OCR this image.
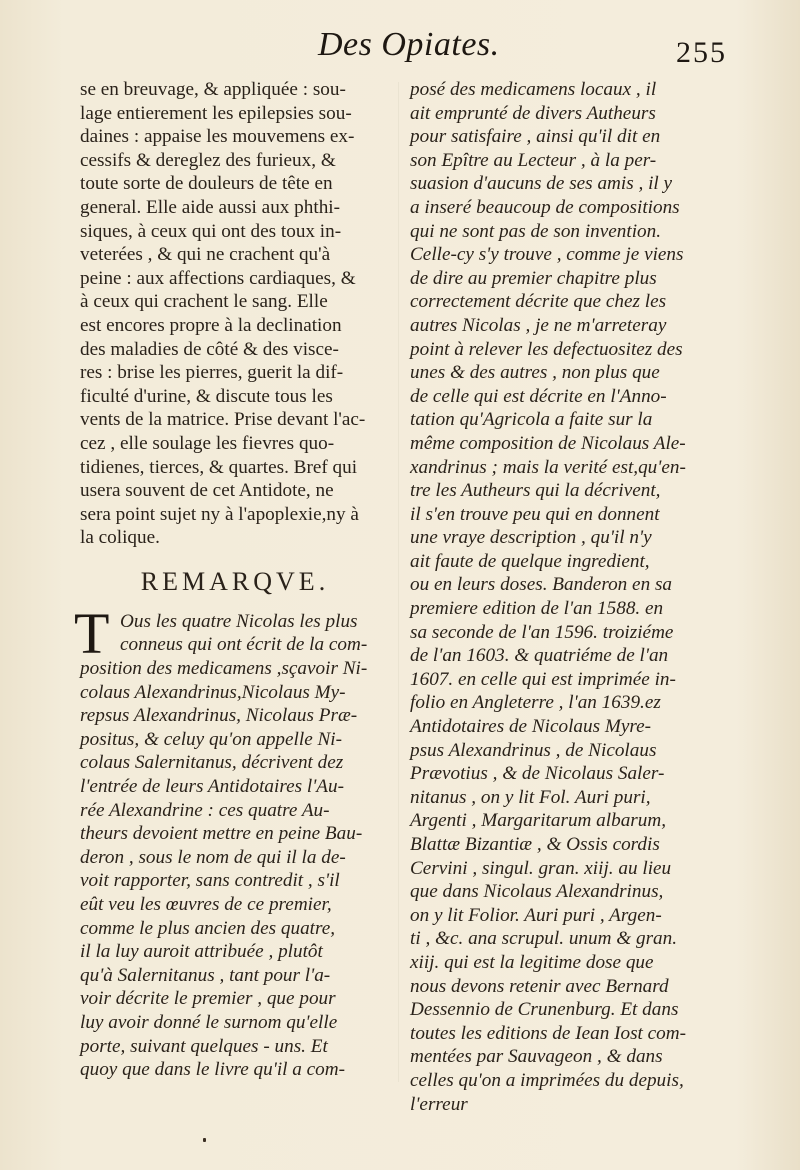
Des Opiates.	255
se en breuvage, & appliquée : sou-
lage entierement les epilepsies sou-
daines : appaise les mouvemens ex-
cessifs & dereglez des furieux, &
toute sorte de douleurs de tête en
general. Elle aide aussi aux phthi-
siques, à ceux qui ont des toux in-
veterées , & qui ne crachent qu'à
peine : aux affections cardiaques, &
à ceux qui crachent le sang. Elle
est encores propre à la declination
des maladies de côté & des visce-
res : brise les pierres, guerit la dif-
ficulté d'urine, & discute tous les
vents de la matrice. Prise devant l'ac-
cez , elle soulage les fievres quo-
tidienes, tierces, & quartes. Bref qui
usera souvent de cet Antidote, ne
sera point sujet ny à l'apoplexie,ny à
la colique.
REMARQVE.
T Ous les quatre Nicolas les plus
conneus qui ont écrit de la com-
position des medicamens ,sçavoir Ni-
colaus Alexandrinus,Nicolaus My-
repsus Alexandrinus, Nicolaus Præ-
positus, & celuy qu'on appelle Ni-
colaus Salernitanus, décrivent dez
l'entrée de leurs Antidotaires l'Au-
rée Alexandrine : ces quatre Au-
theurs devoient mettre en peine Bau-
deron , sous le nom de qui il la de-
voit rapporter, sans contredit , s'il
eût veu les œuvres de ce premier,
comme le plus ancien des quatre,
il la luy auroit attribuée , plutôt
qu'à Salernitanus , tant pour l'a-
voir décrite le premier , que pour
luy avoir donné le surnom qu'elle
porte, suivant quelques - uns. Et
quoy que dans le livre qu'il a com-
posé des medicamens locaux , il
ait emprunté de divers Autheurs
pour satisfaire , ainsi qu'il dit en
son Epître au Lecteur , à la per-
suasion d'aucuns de ses amis , il y
a inseré beaucoup de compositions
qui ne sont pas de son invention.
Celle-cy s'y trouve , comme je viens
de dire au premier chapitre plus
correctement décrite que chez les
autres Nicolas , je ne m'arreteray
point à relever les defectuositez des
unes & des autres , non plus que
de celle qui est décrite en l'Anno-
tation qu'Agricola a faite sur la
même composition de Nicolaus Ale-
xandrinus ; mais la verité est,qu'en-
tre les Autheurs qui la décrivent,
il s'en trouve peu qui en donnent
une vraye description , qu'il n'y
ait faute de quelque ingredient,
ou en leurs doses. Banderon en sa
premiere edition de l'an 1588. en
sa seconde de l'an 1596. troiziéme
de l'an 1603. & quatriéme de l'an
1607. en celle qui est imprimée in-
folio en Angleterre , l'an 1639.ez
Antidotaires de Nicolaus Myre-
psus Alexandrinus , de Nicolaus
Prævotius , & de Nicolaus Saler-
nitanus , on y lit Fol. Auri puri,
Argenti , Margaritarum albarum,
Blattæ Bizantiæ , & Ossis cordis
Cervini , singul. gran. xiij. au lieu
que dans Nicolaus Alexandrinus,
on y lit Folior. Auri puri , Argen-
ti , &c. ana scrupul. unum & gran.
xiij. qui est la legitime dose que
nous devons retenir avec Bernard
Dessennio de Crunenburg. Et dans
toutes les editions de Iean Iost com-
mentées par Sauvageon , & dans
celles qu'on a imprimées du depuis,
l'erreur
